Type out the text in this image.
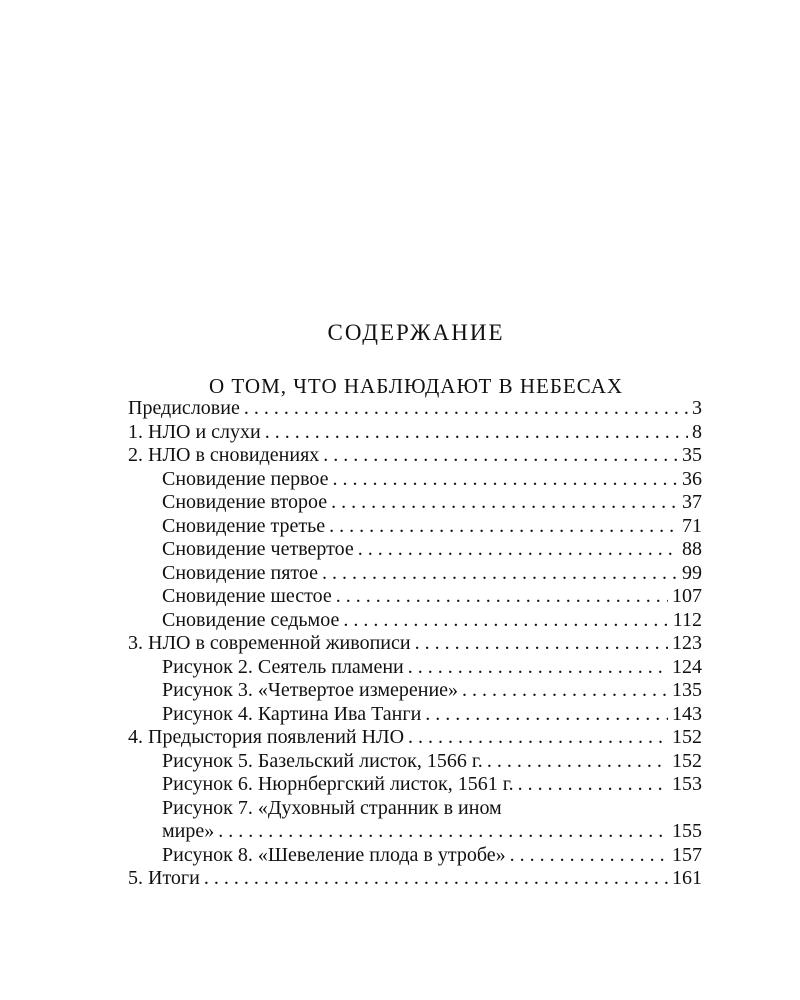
СОДЕРЖАНИЕ
О ТОМ, ЧТО НАБЛЮДАЮТ В НЕБЕСАХ
Предисловие . . .	3
1. НЛО и слухи . . .	8
2. НЛО в сновидениях . . .	35
Сновидение первое . . .	36
Сновидение второе . . .	37
Сновидение третье . . .	71
Сновидение четвертое . . .	88
Сновидение пятое . . .	99
Сновидение шестое . . .	107
Сновидение седьмое . . .	112
3. НЛО в современной живописи . . .	123
Рисунок 2. Сеятель пламени . . .	124
Рисунок 3. «Четвертое измерение» . . .	135
Рисунок 4. Картина Ива Танги . . .	143
4. Предыстория появлений НЛО . . .	152
Рисунок 5. Базельский листок, 1566 г. . . .	152
Рисунок 6. Нюрнбергский листок, 1561 г. . . .	153
Рисунок 7. «Духовный странник в ином
мире» . . .	155
Рисунок 8. «Шевеление плода в утробе» . . .	157
5. Итоги . . .	161
